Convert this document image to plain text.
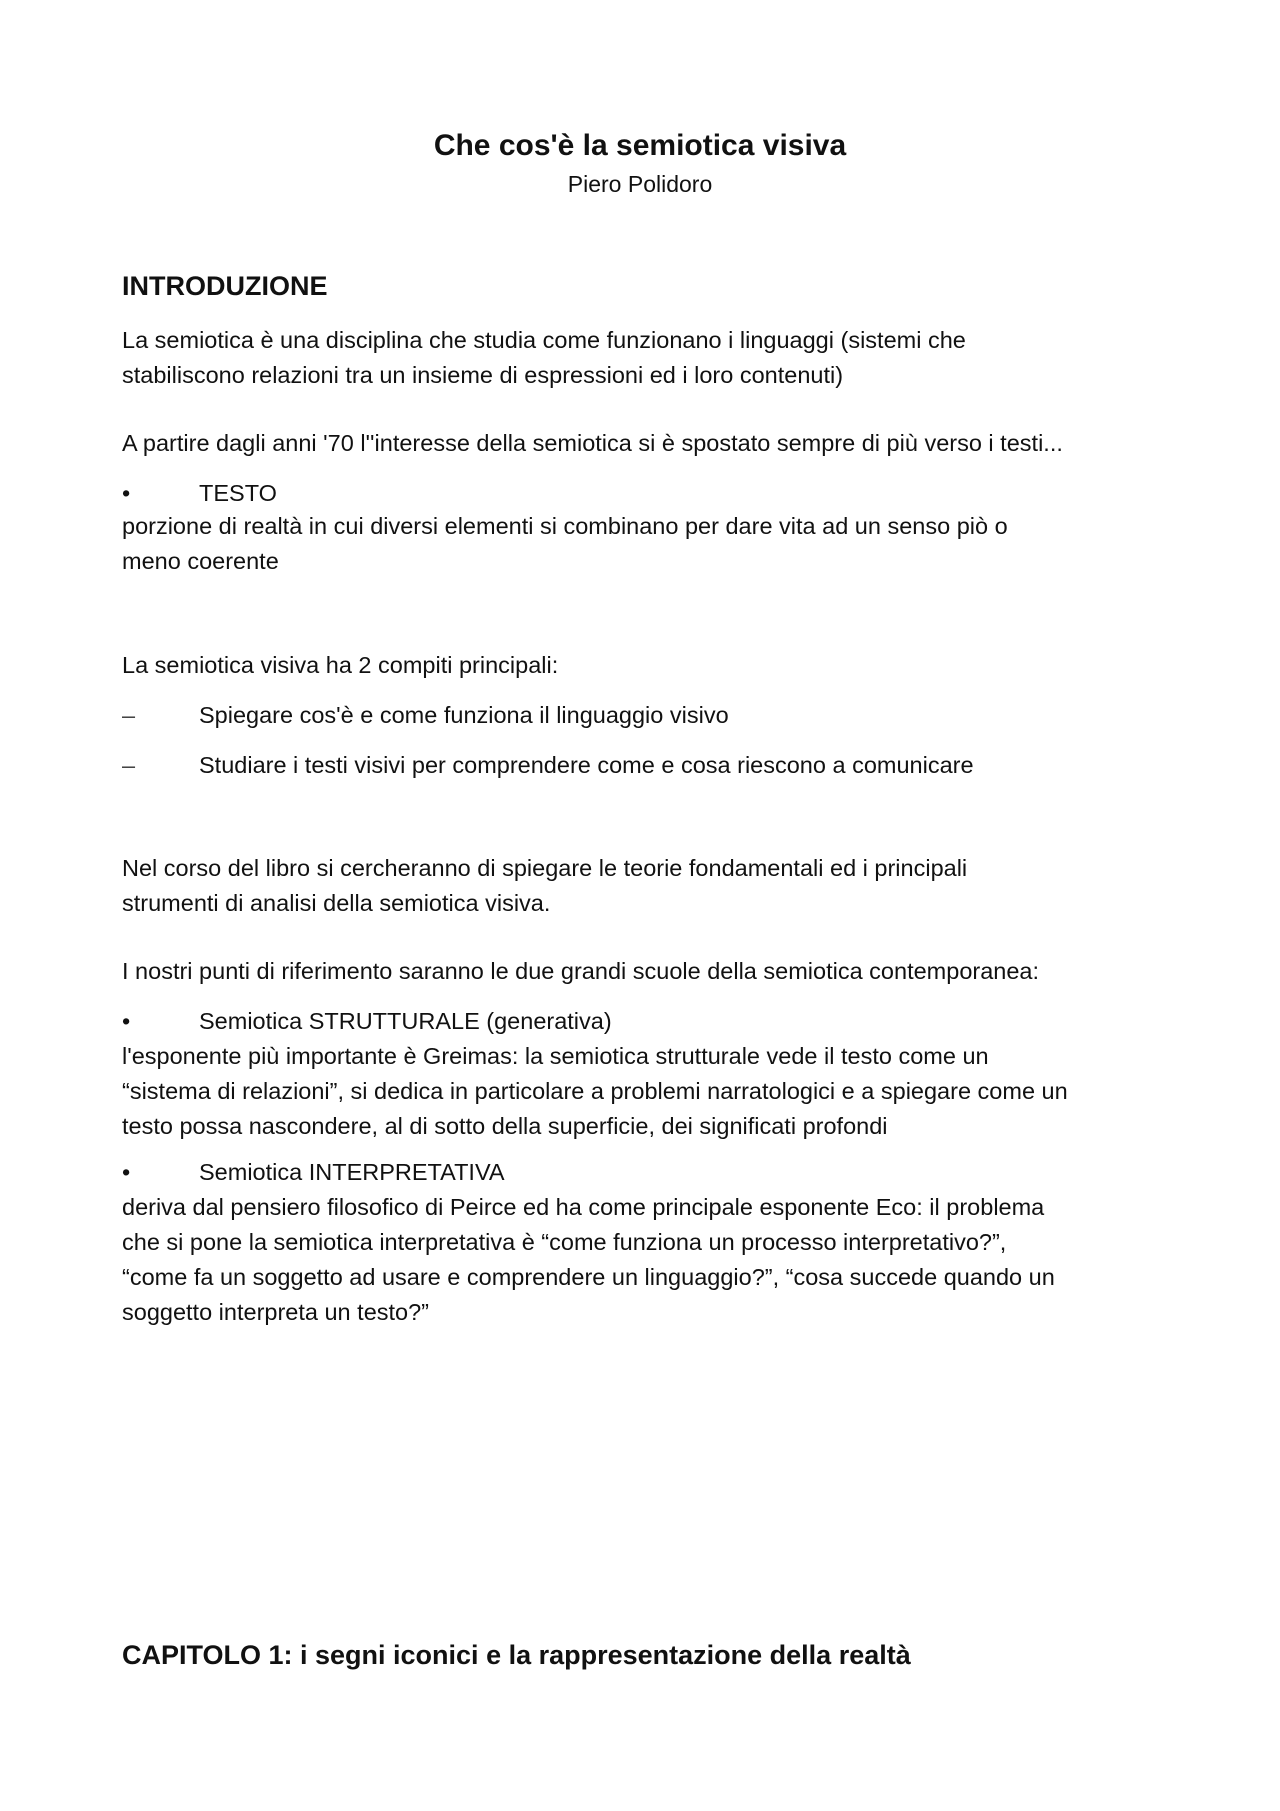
Che cos'è la semiotica visiva
Piero Polidoro
INTRODUZIONE
La semiotica è una disciplina che studia come funzionano i linguaggi (sistemi che
stabiliscono relazioni tra un insieme di espressioni ed i loro contenuti)
A partire dagli anni '70 l''interesse della semiotica si è spostato sempre di più verso i testi...
•	TESTO
porzione di realtà in cui diversi elementi si combinano per dare vita ad un senso piò o
meno coerente
La semiotica visiva ha 2 compiti principali:
–	Spiegare cos'è e come funziona il linguaggio visivo
–	Studiare i testi visivi per comprendere come e cosa riescono a comunicare
Nel corso del libro si cercheranno di spiegare le teorie fondamentali ed i principali
strumenti di analisi della semiotica visiva.
I nostri punti di riferimento saranno le due grandi scuole della semiotica contemporanea:
•	Semiotica STRUTTURALE (generativa)
l'esponente più importante è Greimas: la semiotica strutturale vede il testo come un
“sistema di relazioni”, si dedica in particolare a problemi narratologici e a spiegare come un
testo possa nascondere, al di sotto della superficie, dei significati profondi
•	Semiotica INTERPRETATIVA
deriva dal pensiero filosofico di Peirce ed ha come principale esponente Eco: il problema
che si pone la semiotica interpretativa è “come funziona un processo interpretativo?”,
“come fa un soggetto ad usare e comprendere un linguaggio?”, “cosa succede quando un
soggetto interpreta un testo?”
CAPITOLO 1: i segni iconici e la rappresentazione della realtà
